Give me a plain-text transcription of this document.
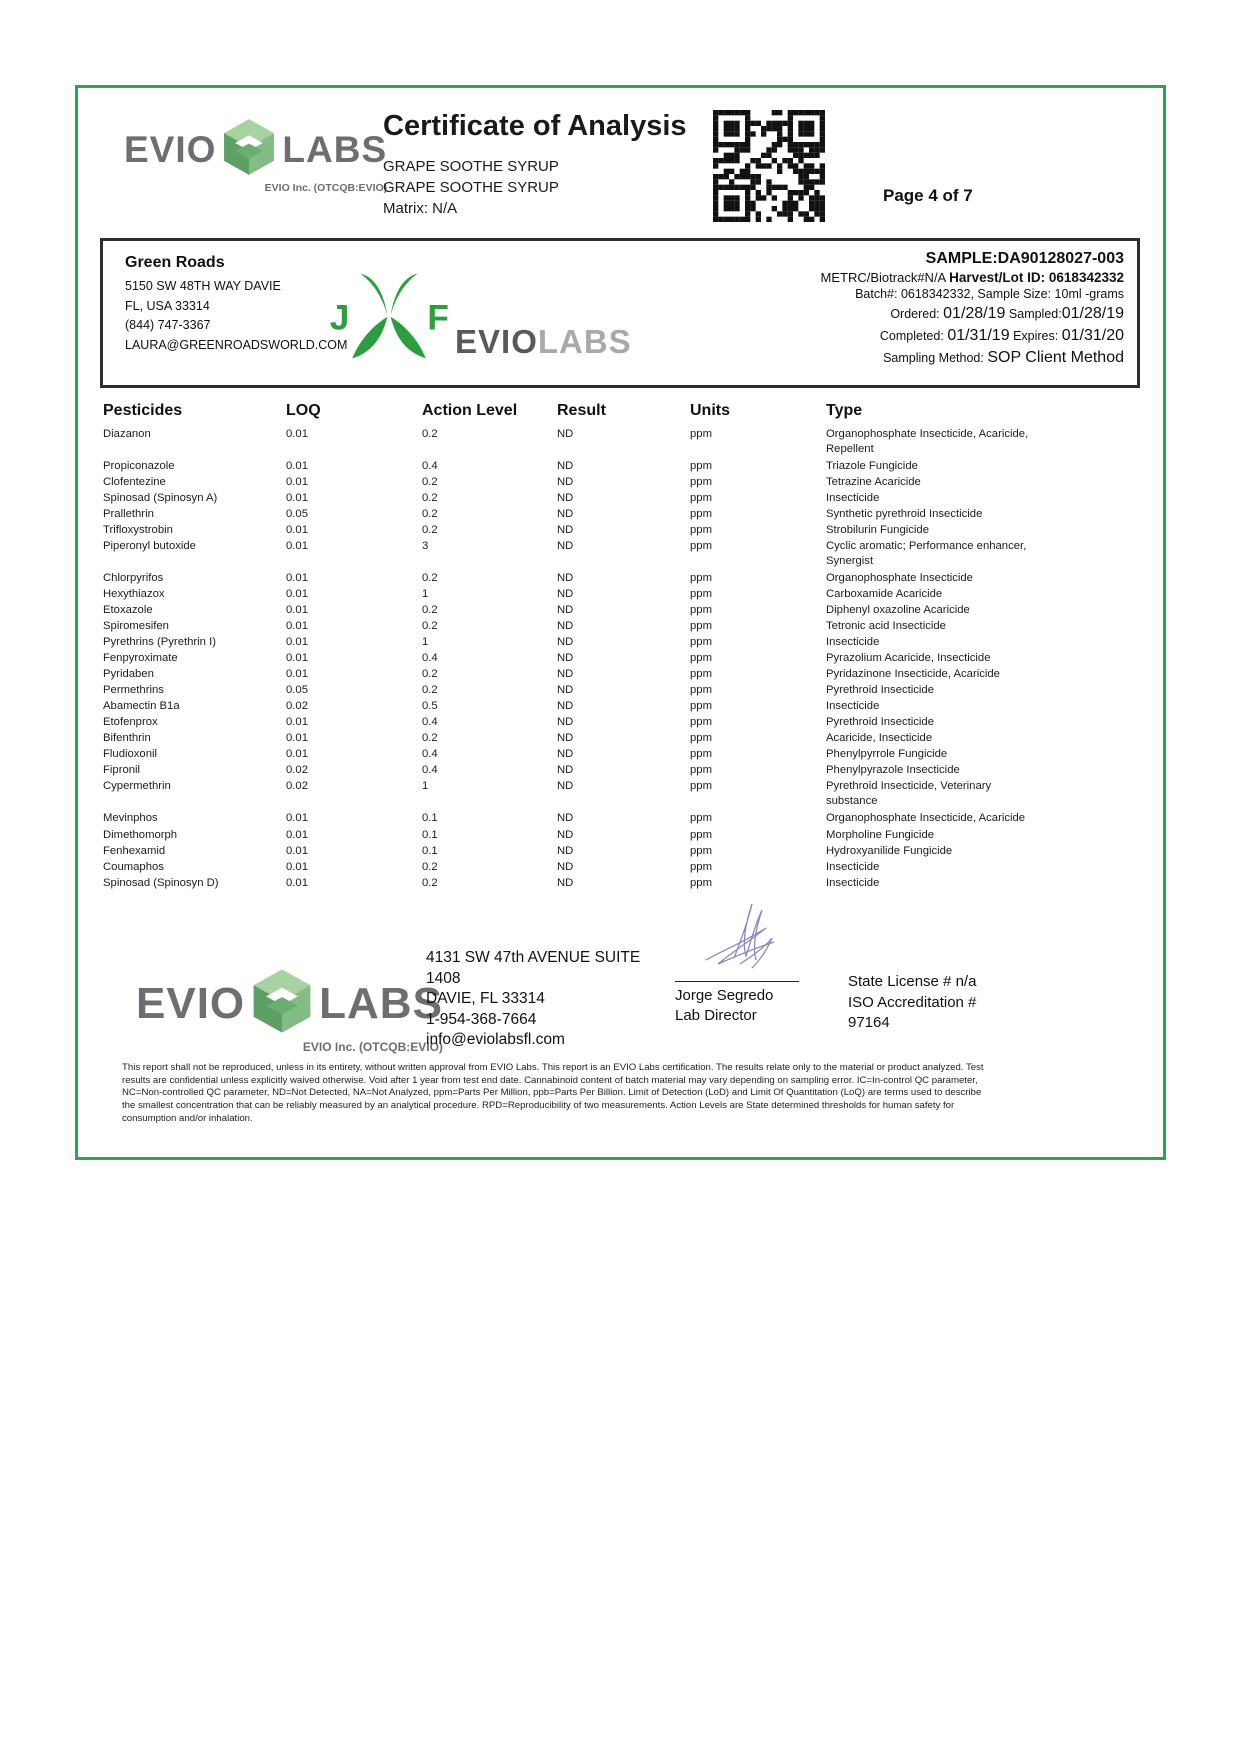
EVIO LABS
EVIO Inc. (OTCQB:EVIO)
Certificate of Analysis
GRAPE SOOTHE SYRUP
GRAPE SOOTHE SYRUP
Matrix: N/A
Page 4 of 7
Green Roads
5150 SW 48TH WAY DAVIE
FL, USA 33314
(844) 747-3367
LAURA@GREENROADSWORLD.COM
J F
EVIOLABS
SAMPLE:DA90128027-003
METRC/Biotrack#N/A Harvest/Lot ID: 0618342332
Batch#: 0618342332, Sample Size: 10ml -grams
Ordered: 01/28/19 Sampled:01/28/19
Completed: 01/31/19 Expires: 01/31/20
Sampling Method: SOP Client Method
Pesticides	LOQ	Action Level	Result	Units	Type
Diazanon	0.01	0.2	ND	ppm	Organophosphate Insecticide, Acaricide, Repellent
Propiconazole	0.01	0.4	ND	ppm	Triazole Fungicide
Clofentezine	0.01	0.2	ND	ppm	Tetrazine Acaricide
Spinosad (Spinosyn A)	0.01	0.2	ND	ppm	Insecticide
Prallethrin	0.05	0.2	ND	ppm	Synthetic pyrethroid Insecticide
Trifloxystrobin	0.01	0.2	ND	ppm	Strobilurin Fungicide
Piperonyl butoxide	0.01	3	ND	ppm	Cyclic aromatic; Performance enhancer, Synergist
Chlorpyrifos	0.01	0.2	ND	ppm	Organophosphate Insecticide
Hexythiazox	0.01	1	ND	ppm	Carboxamide Acaricide
Etoxazole	0.01	0.2	ND	ppm	Diphenyl oxazoline Acaricide
Spiromesifen	0.01	0.2	ND	ppm	Tetronic acid Insecticide
Pyrethrins (Pyrethrin I)	0.01	1	ND	ppm	Insecticide
Fenpyroximate	0.01	0.4	ND	ppm	Pyrazolium Acaricide, Insecticide
Pyridaben	0.01	0.2	ND	ppm	Pyridazinone Insecticide, Acaricide
Permethrins	0.05	0.2	ND	ppm	Pyrethroid Insecticide
Abamectin B1a	0.02	0.5	ND	ppm	Insecticide
Etofenprox	0.01	0.4	ND	ppm	Pyrethroid Insecticide
Bifenthrin	0.01	0.2	ND	ppm	Acaricide, Insecticide
Fludioxonil	0.01	0.4	ND	ppm	Phenylpyrrole Fungicide
Fipronil	0.02	0.4	ND	ppm	Phenylpyrazole Insecticide
Cypermethrin	0.02	1	ND	ppm	Pyrethroid Insecticide, Veterinary substance
Mevinphos	0.01	0.1	ND	ppm	Organophosphate Insecticide, Acaricide
Dimethomorph	0.01	0.1	ND	ppm	Morpholine Fungicide
Fenhexamid	0.01	0.1	ND	ppm	Hydroxyanilide Fungicide
Coumaphos	0.01	0.2	ND	ppm	Insecticide
Spinosad (Spinosyn D)	0.01	0.2	ND	ppm	Insecticide
Jorge Segredo
Lab Director
State License # n/a
ISO Accreditation #
97164
EVIO LABS
EVIO Inc. (OTCQB:EVIO)
4131 SW 47th AVENUE SUITE
1408
DAVIE, FL 33314
1-954-368-7664
info@eviolabsfl.com
This report shall not be reproduced, unless in its entirety, without written approval from EVIO Labs. This report is an EVIO Labs certification. The results relate only to the material or product analyzed. Test results are confidential unless explicitly waived otherwise. Void after 1 year from test end date. Cannabinoid content of batch material may vary depending on sampling error. IC=In-control QC parameter, NC=Non-controlled QC parameter, ND=Not Detected, NA=Not Analyzed, ppm=Parts Per Million, ppb=Parts Per Billion. Limit of Detection (LoD) and Limit Of Quantitation (LoQ) are terms used to describe the smallest concentration that can be reliably measured by an analytical procedure. RPD=Reproducibility of two measurements. Action Levels are State determined thresholds for human safety for consumption and/or inhalation.
